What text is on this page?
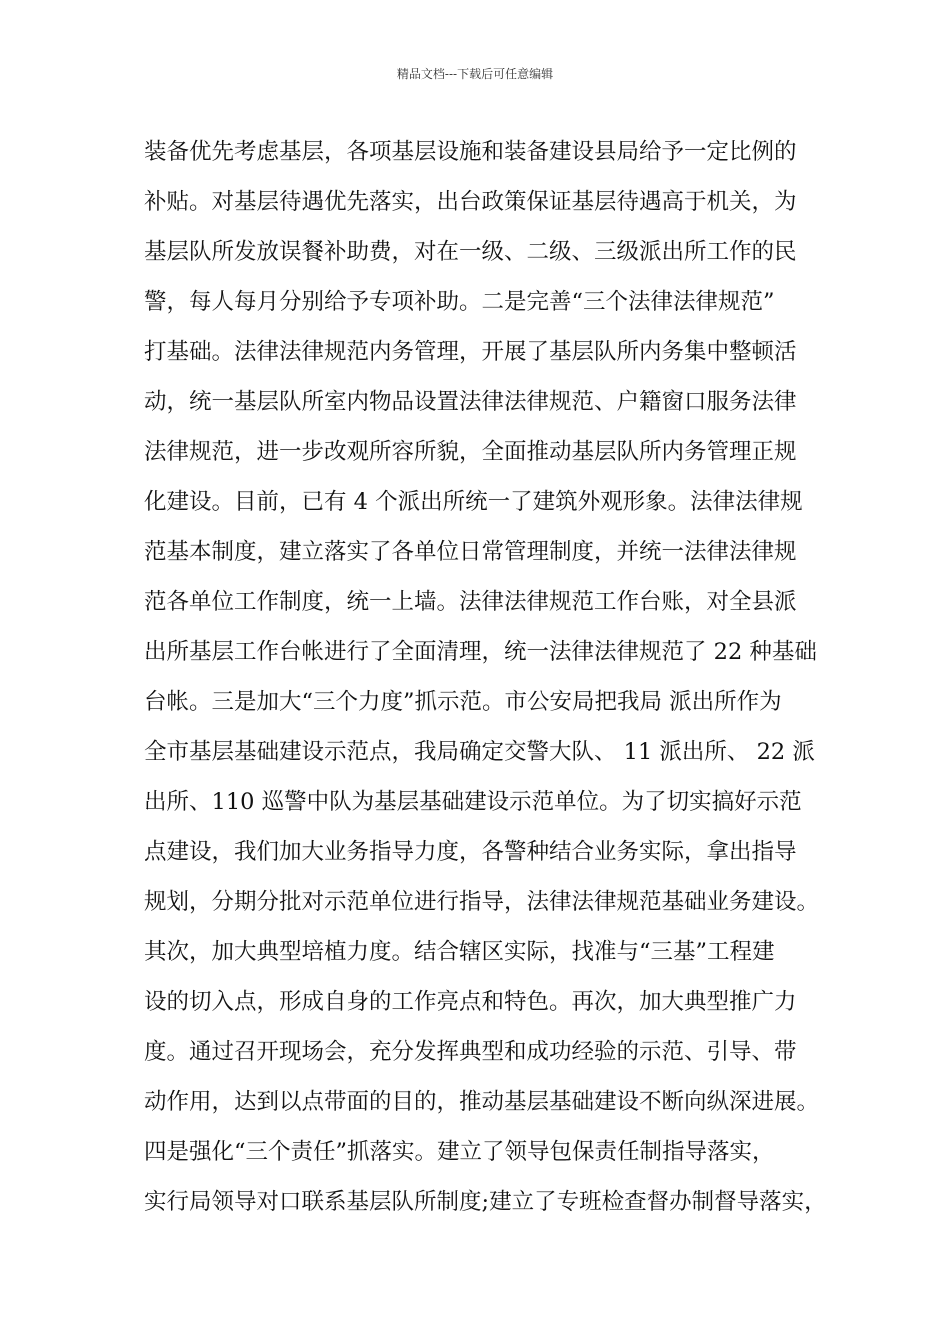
精品文档---下载后可任意编辑
装备优先考虑基层，各项基层设施和装备建设县局给予一定比例的
补贴。对基层待遇优先落实，出台政策保证基层待遇高于机关，为
基层队所发放误餐补助费，对在一级、二级、三级派出所工作的民
警，每人每月分别给予专项补助。二是完善“三个法律法律规范”
打基础。法律法律规范内务管理，开展了基层队所内务集中整顿活
动，统一基层队所室内物品设置法律法律规范、户籍窗口服务法律
法律规范，进一步改观所容所貌，全面推动基层队所内务管理正规
化建设。目前，已有 4 个派出所统一了建筑外观形象。法律法律规
范基本制度，建立落实了各单位日常管理制度，并统一法律法律规
范各单位工作制度，统一上墙。法律法律规范工作台账，对全县派
出所基层工作台帐进行了全面清理，统一法律法律规范了 22 种基础
台帐。三是加大“三个力度”抓示范。市公安局把我局 派出所作为
全市基层基础建设示范点，我局确定交警大队、 11 派出所、 22 派
出所、110 巡警中队为基层基础建设示范单位。为了切实搞好示范
点建设，我们加大业务指导力度，各警种结合业务实际，拿出指导
规划，分期分批对示范单位进行指导，法律法律规范基础业务建设。
其次，加大典型培植力度。结合辖区实际，找准与“三基”工程建
设的切入点，形成自身的工作亮点和特色。再次，加大典型推广力
度。通过召开现场会，充分发挥典型和成功经验的示范、引导、带
动作用，达到以点带面的目的，推动基层基础建设不断向纵深进展。
四是强化“三个责任”抓落实。建立了领导包保责任制指导落实，
实行局领导对口联系基层队所制度;建立了专班检查督办制督导落实，
